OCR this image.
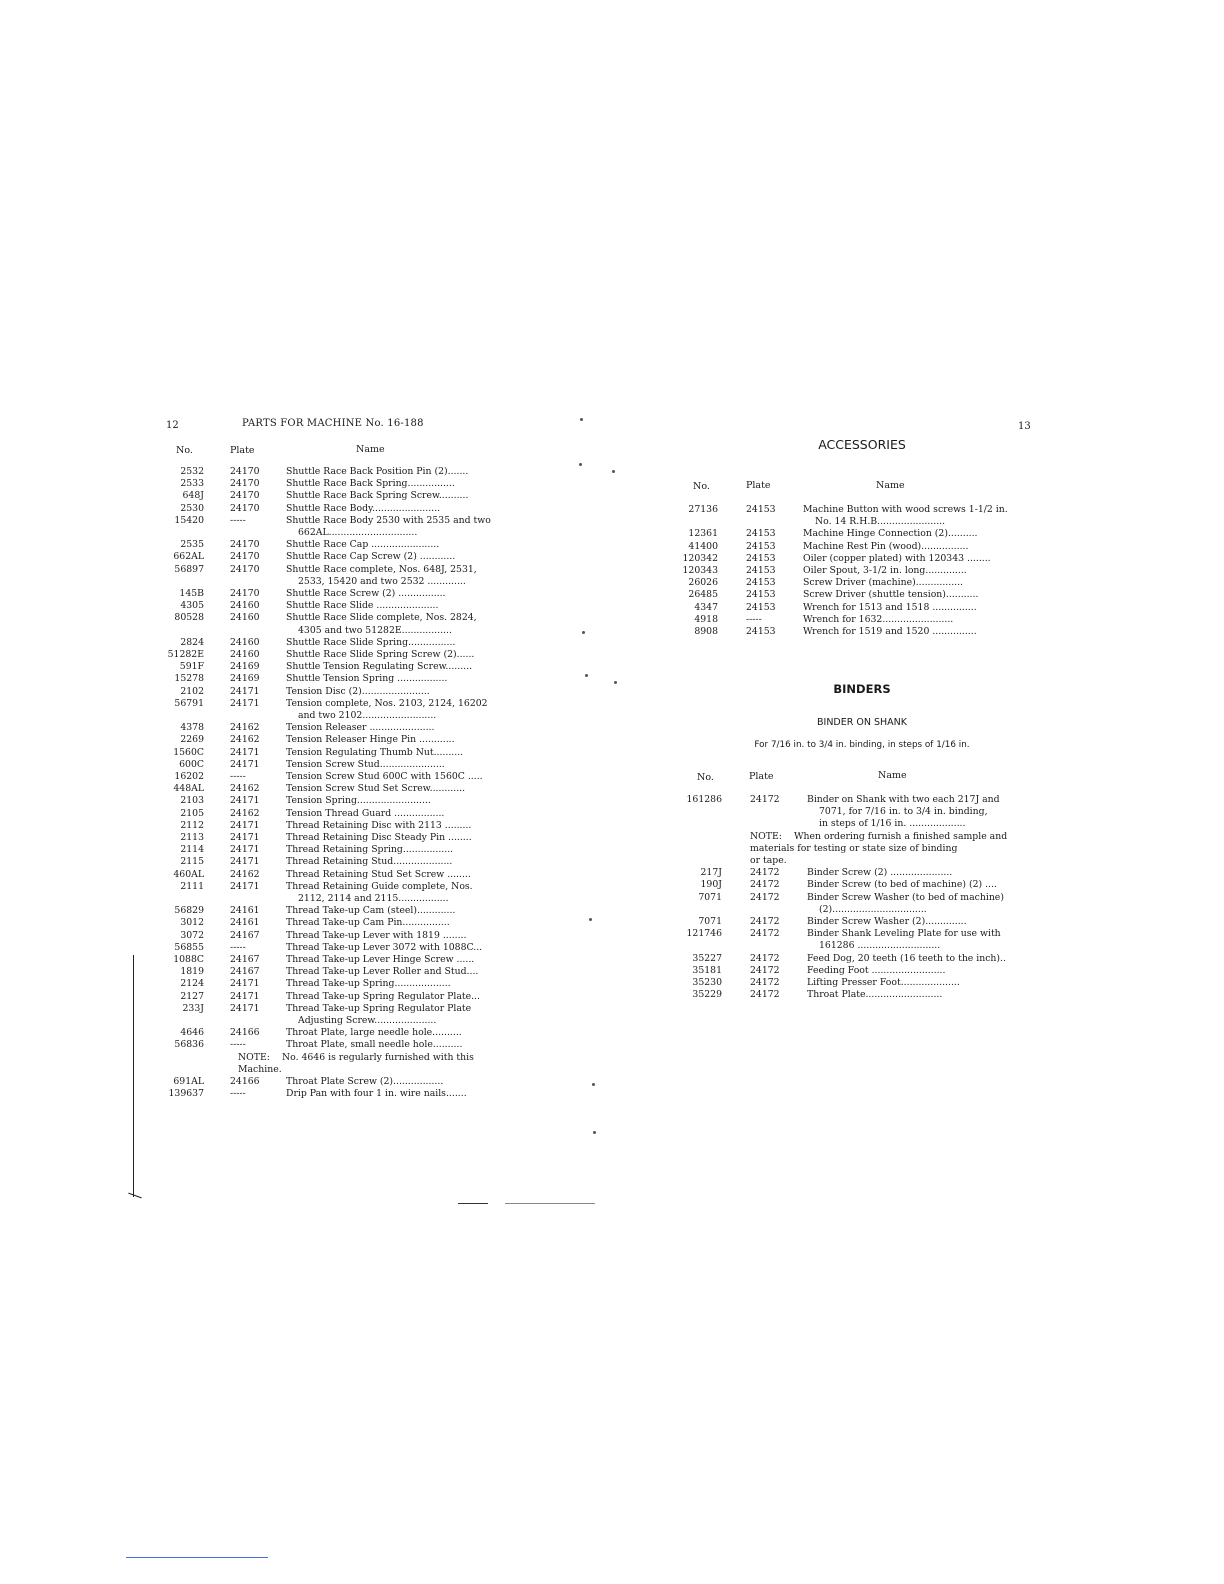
12	PARTS FOR MACHINE No. 16-188
No.	Plate	Name
2532	24170	Shuttle Race Back Position Pin (2).......
2533	24170	Shuttle Race Back Spring................
648J	24170	Shuttle Race Back Spring Screw..........
2530	24170	Shuttle Race Body.......................
15420	-----	Shuttle Race Body 2530 with 2535 and two
662AL..............................
2535	24170	Shuttle Race Cap .......................
662AL	24170	Shuttle Race Cap Screw (2) ............
56897	24170	Shuttle Race complete, Nos. 648J, 2531,
2533, 15420 and two 2532 .............
145B	24170	Shuttle Race Screw (2) ................
4305	24160	Shuttle Race Slide .....................
80528	24160	Shuttle Race Slide complete, Nos. 2824,
4305 and two 51282E.................
2824	24160	Shuttle Race Slide Spring................
51282E	24160	Shuttle Race Slide Spring Screw (2)......
591F	24169	Shuttle Tension Regulating Screw.........
15278	24169	Shuttle Tension Spring .................
2102	24171	Tension Disc (2).......................
56791	24171	Tension complete, Nos. 2103, 2124, 16202
and two 2102.........................
4378	24162	Tension Releaser ......................
2269	24162	Tension Releaser Hinge Pin ............
1560C	24171	Tension Regulating Thumb Nut..........
600C	24171	Tension Screw Stud......................
16202	-----	Tension Screw Stud 600C with 1560C .....
448AL	24162	Tension Screw Stud Set Screw............
2103	24171	Tension Spring.........................
2105	24162	Tension Thread Guard .................
2112	24171	Thread Retaining Disc with 2113 .........
2113	24171	Thread Retaining Disc Steady Pin ........
2114	24171	Thread Retaining Spring.................
2115	24171	Thread Retaining Stud....................
460AL	24162	Thread Retaining Stud Set Screw ........
2111	24171	Thread Retaining Guide complete, Nos.
2112, 2114 and 2115.................
56829	24161	Thread Take-up Cam (steel).............
3012	24161	Thread Take-up Cam Pin................
3072	24167	Thread Take-up Lever with 1819 ........
56855	-----	Thread Take-up Lever 3072 with 1088C...
1088C	24167	Thread Take-up Lever Hinge Screw ......
1819	24167	Thread Take-up Lever Roller and Stud....
2124	24171	Thread Take-up Spring...................
2127	24171	Thread Take-up Spring Regulator Plate...
233J	24171	Thread Take-up Spring Regulator Plate
Adjusting Screw.....................
4646	24166	Throat Plate, large needle hole..........
56836	-----	Throat Plate, small needle hole..........
NOTE: No. 4646 is regularly furnished with this
Machine.
691AL	24166	Throat Plate Screw (2).................
139637	-----	Drip Pan with four 1 in. wire nails.......
13
ACCESSORIES
No.	Plate	Name
27136	24153	Machine Button with wood screws 1-1/2 in.
No. 14 R.H.B.......................
12361	24153	Machine Hinge Connection (2)..........
41400	24153	Machine Rest Pin (wood)................
120342	24153	Oiler (copper plated) with 120343 ........
120343	24153	Oiler Spout, 3-1/2 in. long..............
26026	24153	Screw Driver (machine)................
26485	24153	Screw Driver (shuttle tension)...........
4347	24153	Wrench for 1513 and 1518 ...............
4918	-----	Wrench for 1632........................
8908	24153	Wrench for 1519 and 1520 ...............
BINDERS
BINDER ON SHANK
For 7/16 in. to 3/4 in. binding, in steps of 1/16 in.
No.	Plate	Name
161286	24172	Binder on Shank with two each 217J and
7071, for 7/16 in. to 3/4 in. binding,
in steps of 1/16 in. ...................
NOTE: When ordering furnish a finished sample and
materials for testing or state size of binding
or tape.
217J	24172	Binder Screw (2) .....................
190J	24172	Binder Screw (to bed of machine) (2) ....
7071	24172	Binder Screw Washer (to bed of machine)
(2)................................
7071	24172	Binder Screw Washer (2)..............
121746	24172	Binder Shank Leveling Plate for use with
161286 ............................
35227	24172	Feed Dog, 20 teeth (16 teeth to the inch)..
35181	24172	Feeding Foot .........................
35230	24172	Lifting Presser Foot....................
35229	24172	Throat Plate..........................
